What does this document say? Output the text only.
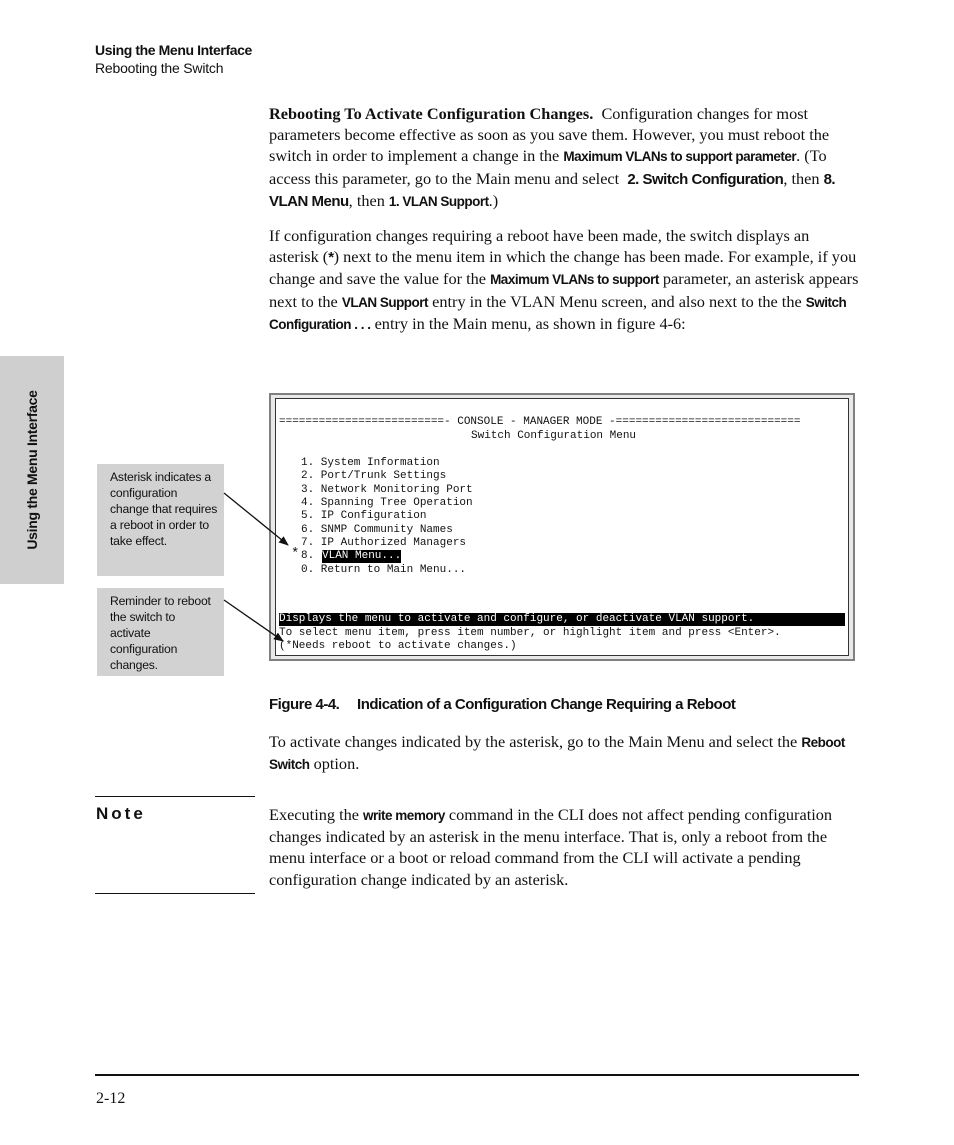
Using the Menu Interface
Rebooting the Switch
Using the Menu Interface
Rebooting To Activate Configuration Changes. Configuration changes for most parameters become effective as soon as you save them. However, you must reboot the switch in order to implement a change in the Maximum VLANs to support parameter. (To access this parameter, go to the Main menu and select 2. Switch Configuration, then 8. VLAN Menu, then 1. VLAN Support.)
If configuration changes requiring a reboot have been made, the switch displays an asterisk (*) next to the menu item in which the change has been made. For example, if you change and save the value for the Maximum VLANs to support parameter, an asterisk appears next to the VLAN Support entry in the VLAN Menu screen, and also next to the the Switch Configuration . . . entry in the Main menu, as shown in figure 4-6:
=========================- CONSOLE - MANAGER MODE -============================
Switch Configuration Menu
1. System Information
2. Port/Trunk Settings
3. Network Monitoring Port
4. Spanning Tree Operation
5. IP Configuration
6. SNMP Community Names
7. IP Authorized Managers
* 8. VLAN Menu...
0. Return to Main Menu...
Displays the menu to activate and configure, or deactivate VLAN support.
To select menu item, press item number, or highlight item and press <Enter>.
(*Needs reboot to activate changes.)
Asterisk indicates a configuration change that requires a reboot in order to take effect.
Reminder to reboot the switch to activate configuration changes.
Figure 4-4. Indication of a Configuration Change Requiring a Reboot
To activate changes indicated by the asterisk, go to the Main Menu and select the Reboot Switch option.
Note	Executing the write memory command in the CLI does not affect pending configuration changes indicated by an asterisk in the menu interface. That is, only a reboot from the menu interface or a boot or reload command from the CLI will activate a pending configuration change indicated by an asterisk.
2-12
